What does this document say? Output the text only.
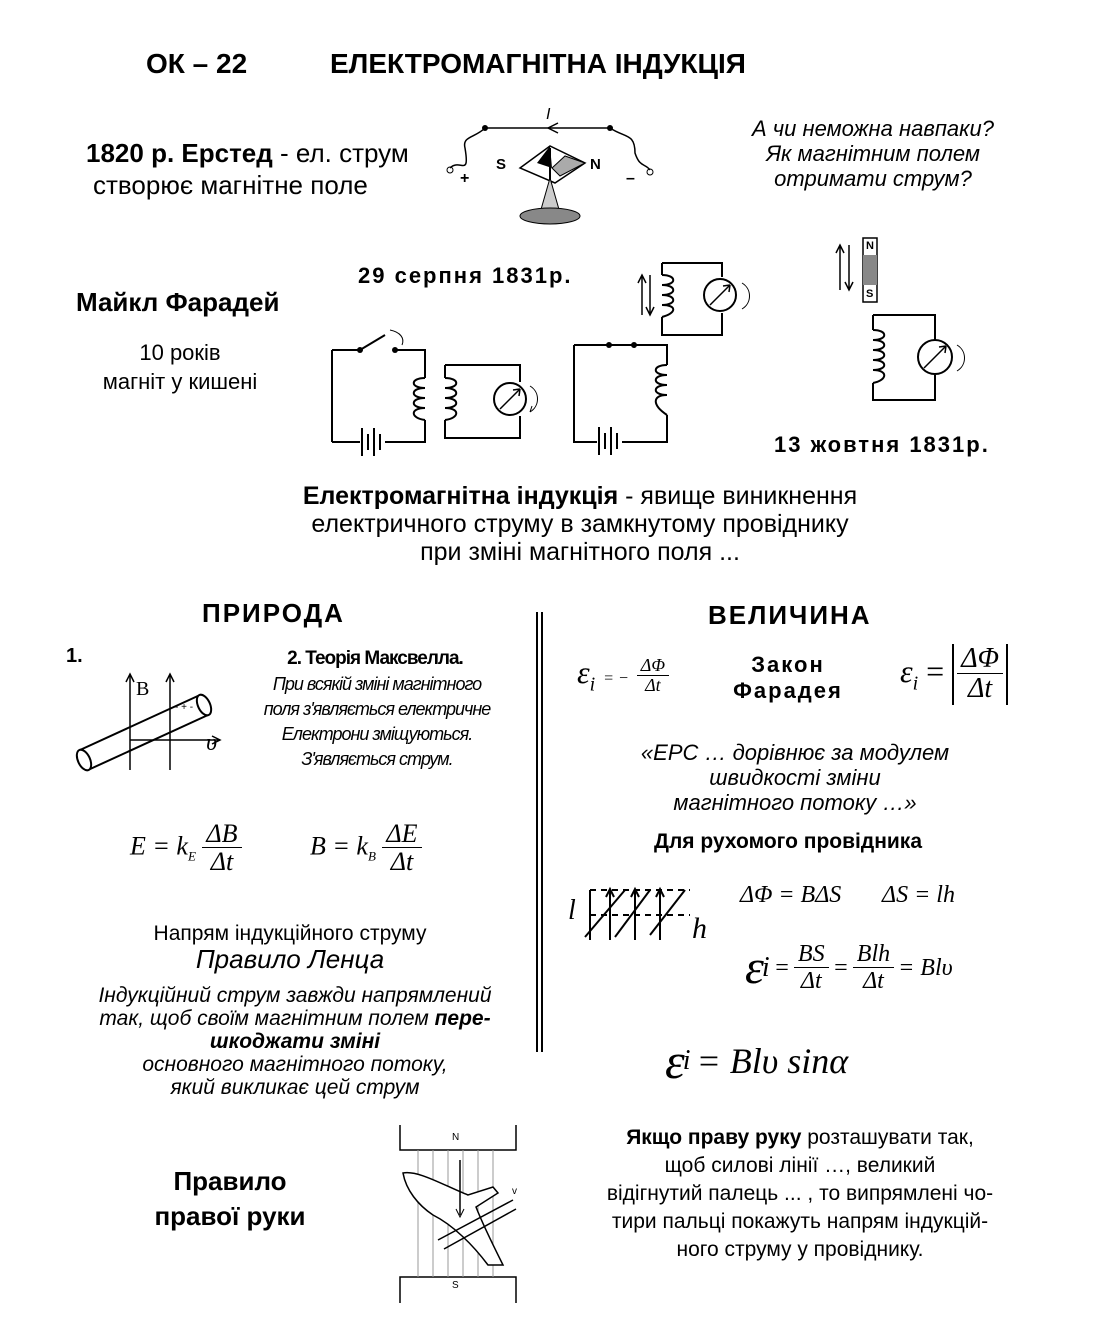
ОК – 22	ЕЛЕКТРОМАГНІТНА ІНДУКЦІЯ
1820 р. Ерстед - ел. струм
створює магнітне поле
I
S	N
+	–
А чи неможна навпаки?
Як магнітним полем
отримати струм?
Майкл Фарадей
10 років
магніт у кишені
29 серпня 1831р.
13 жовтня 1831р.
N
S
Електромагнітна індукція - явище виникнення
електричного струму в замкнутому провіднику
при зміні магнітного поля ...
ПРИРОДА
1.
- + -
B
υ
2. Теорія Максвелла.
При всякій зміні магнітного
поля з'являється електричне
Електрони зміщуються.
З'являється струм.
$E = k_E \frac{\Delta B}{\Delta t}$	$B = k_B \frac{\Delta E}{\Delta t}$
Напрям індукційного струму
Правило Ленца
Індукційний струм завжди напрямлений
так, щоб своїм магнітним полем пере-
шкоджати зміні
основного магнітного потоку,
який викликає цей струм
Правило
правої руки
N
S
v
ВЕЛИЧИНА
$\varepsilon_i$ = − $\frac{\Delta\Phi}{\Delta t}$	Закон
Фарадея
$\varepsilon_i = \frac{\Delta\Phi}{\Delta t}$
«ЕРС … дорівнює за модулем
швидкості зміни
магнітного потоку …»
Для рухомого провідника
l
h
ΔΦ = BΔS ΔS = lh
ε
$i = \frac{BS}{\Delta t} = \frac{\text{Blh}}{\Delta t} = Bl\upsilon$
ε
i = Blυ sinα
Якщо праву руку розташувати так,
щоб силові лінії …, великий
відігнутий палець ... , то випрямлені чо-
тири пальці покажуть напрям індукцій-
ного струму у провіднику.
